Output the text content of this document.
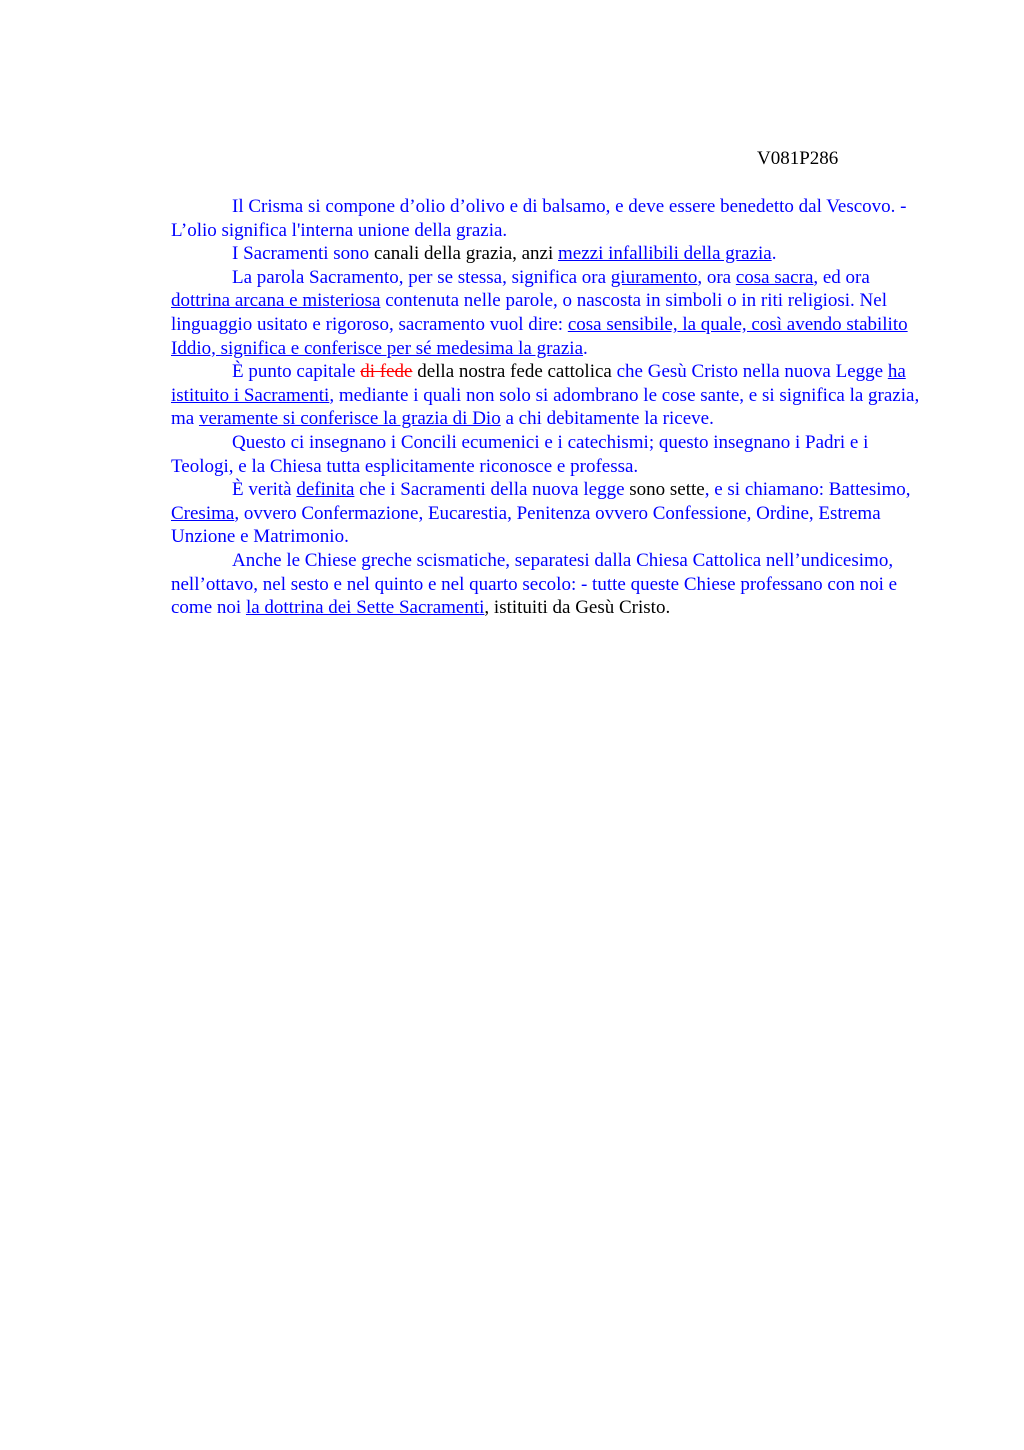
V081P286

Il Crisma si compone d’olio d’olivo e di balsamo, e deve essere benedetto dal Vescovo. - L’olio significa l'interna unione della grazia.

I Sacramenti sono canali della grazia, anzi mezzi infallibili della grazia.

La parola Sacramento, per se stessa, significa ora giuramento, ora cosa sacra, ed ora dottrina arcana e misteriosa contenuta nelle parole, o nascosta in simboli o in riti religiosi. Nel linguaggio usitato e rigoroso, sacramento vuol dire: cosa sensibile, la quale, così avendo stabilito Iddio, significa e conferisce per sé medesima la grazia.

È punto capitale di fede della nostra fede cattolica che Gesù Cristo nella nuova Legge ha istituito i Sacramenti, mediante i quali non solo si adombrano le cose sante, e si significa la grazia, ma veramente si conferisce la grazia di Dio a chi debitamente la riceve.

Questo ci insegnano i Concili ecumenici e i catechismi; questo insegnano i Padri e i Teologi, e la Chiesa tutta esplicitamente riconosce e professa.

È verità definita che i Sacramenti della nuova legge sono sette, e si chiamano: Battesimo, Cresima, ovvero Confermazione, Eucarestia, Penitenza ovvero Confessione, Ordine, Estrema Unzione e Matrimonio.

Anche le Chiese greche scismatiche, separatesi dalla Chiesa Cattolica nell’undicesimo, nell’ottavo, nel sesto e nel quinto e nel quarto secolo: - tutte queste Chiese professano con noi e come noi la dottrina dei Sette Sacramenti, istituiti da Gesù Cristo.
